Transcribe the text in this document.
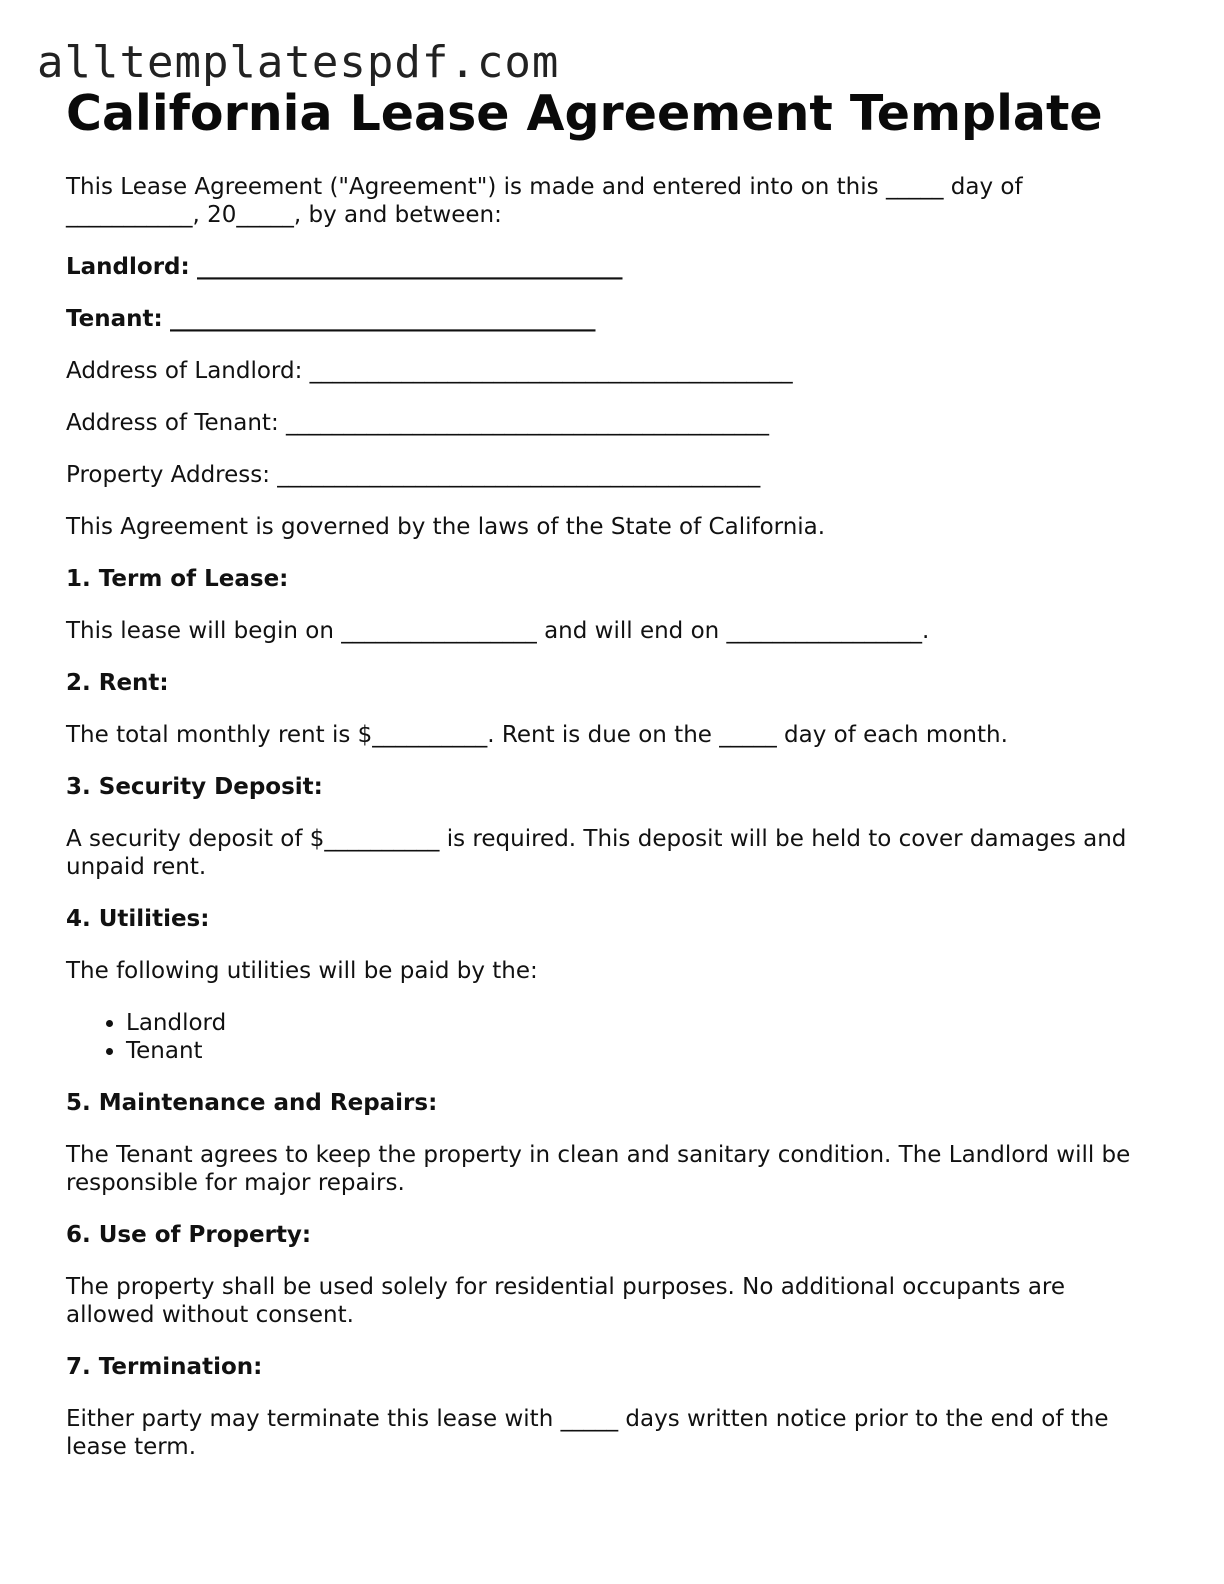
alltemplatespdf.com
California Lease Agreement Template

This Lease Agreement ("Agreement") is made and entered into on this _____ day of ___________, 20_____, by and between:

Landlord: _____________________________________

Tenant: _____________________________________

Address of Landlord: __________________________________________

Address of Tenant: __________________________________________

Property Address: __________________________________________

This Agreement is governed by the laws of the State of California.

1. Term of Lease:

This lease will begin on _________________ and will end on _________________.

2. Rent:

The total monthly rent is $__________. Rent is due on the _____ day of each month.

3. Security Deposit:

A security deposit of $__________ is required. This deposit will be held to cover damages and unpaid rent.

4. Utilities:

The following utilities will be paid by the:

• Landlord
• Tenant

5. Maintenance and Repairs:

The Tenant agrees to keep the property in clean and sanitary condition. The Landlord will be responsible for major repairs.

6. Use of Property:

The property shall be used solely for residential purposes. No additional occupants are allowed without consent.

7. Termination:

Either party may terminate this lease with _____ days written notice prior to the end of the lease term.
